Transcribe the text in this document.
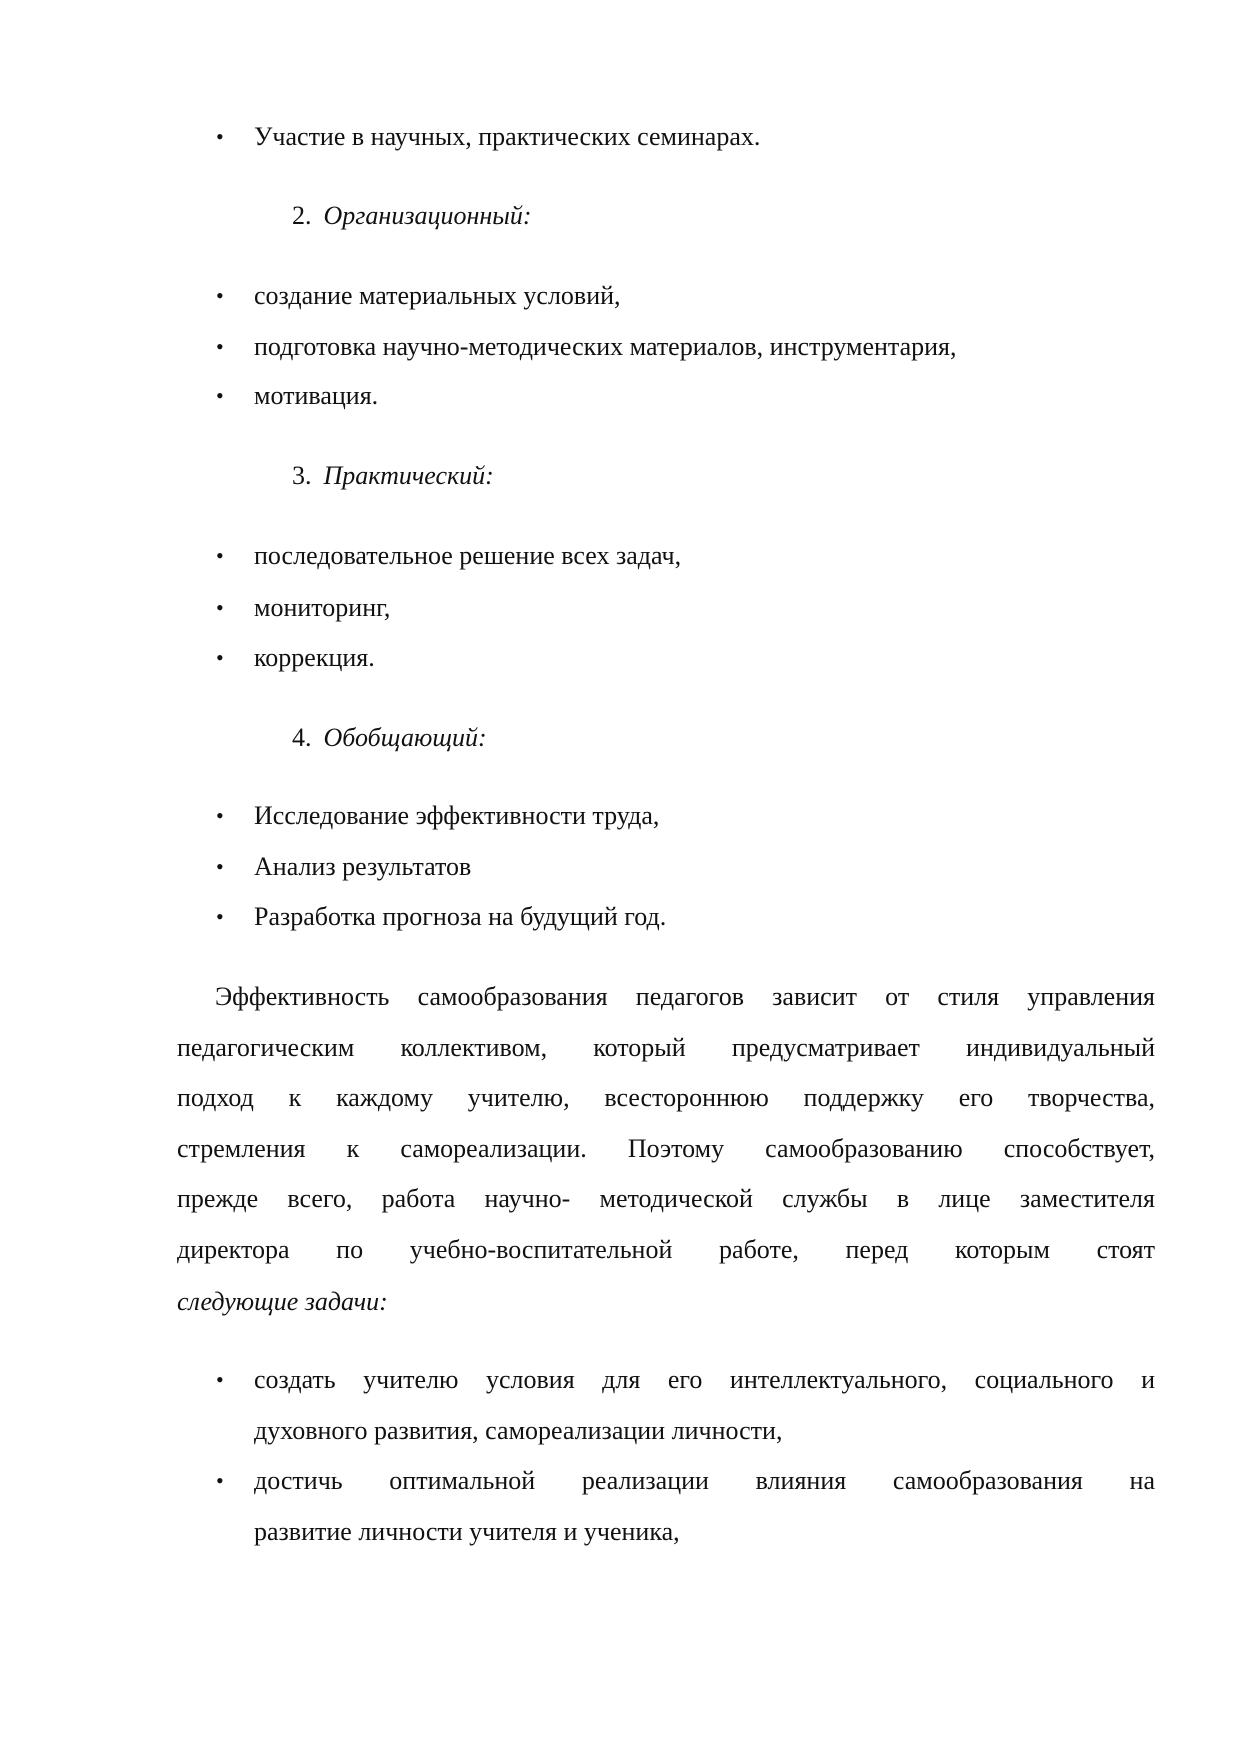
• Участие в научных, практических семинарах.
2. Организационный:
• создание материальных условий,
• подготовка научно-методических материалов, инструментария,
• мотивация.
3. Практический:
• последовательное решение всех задач,
• мониторинг,
• коррекция.
4. Обобщающий:
• Исследование эффективности труда,
• Анализ результатов
• Разработка прогноза на будущий год.
Эффективность самообразования педагогов зависит от стиля управления
педагогическим коллективом, который предусматривает индивидуальный
подход к каждому учителю, всестороннюю поддержку его творчества,
стремления к самореализации. Поэтому самообразованию способствует,
прежде всего, работа научно- методической службы в лице заместителя
директора по учебно-воспитательной работе, перед которым стоят
следующие задачи:
• создать учителю условия для его интеллектуального, социального и
духовного развития, самореализации личности,
• достичь оптимальной реализации влияния самообразования на
развитие личности учителя и ученика,
